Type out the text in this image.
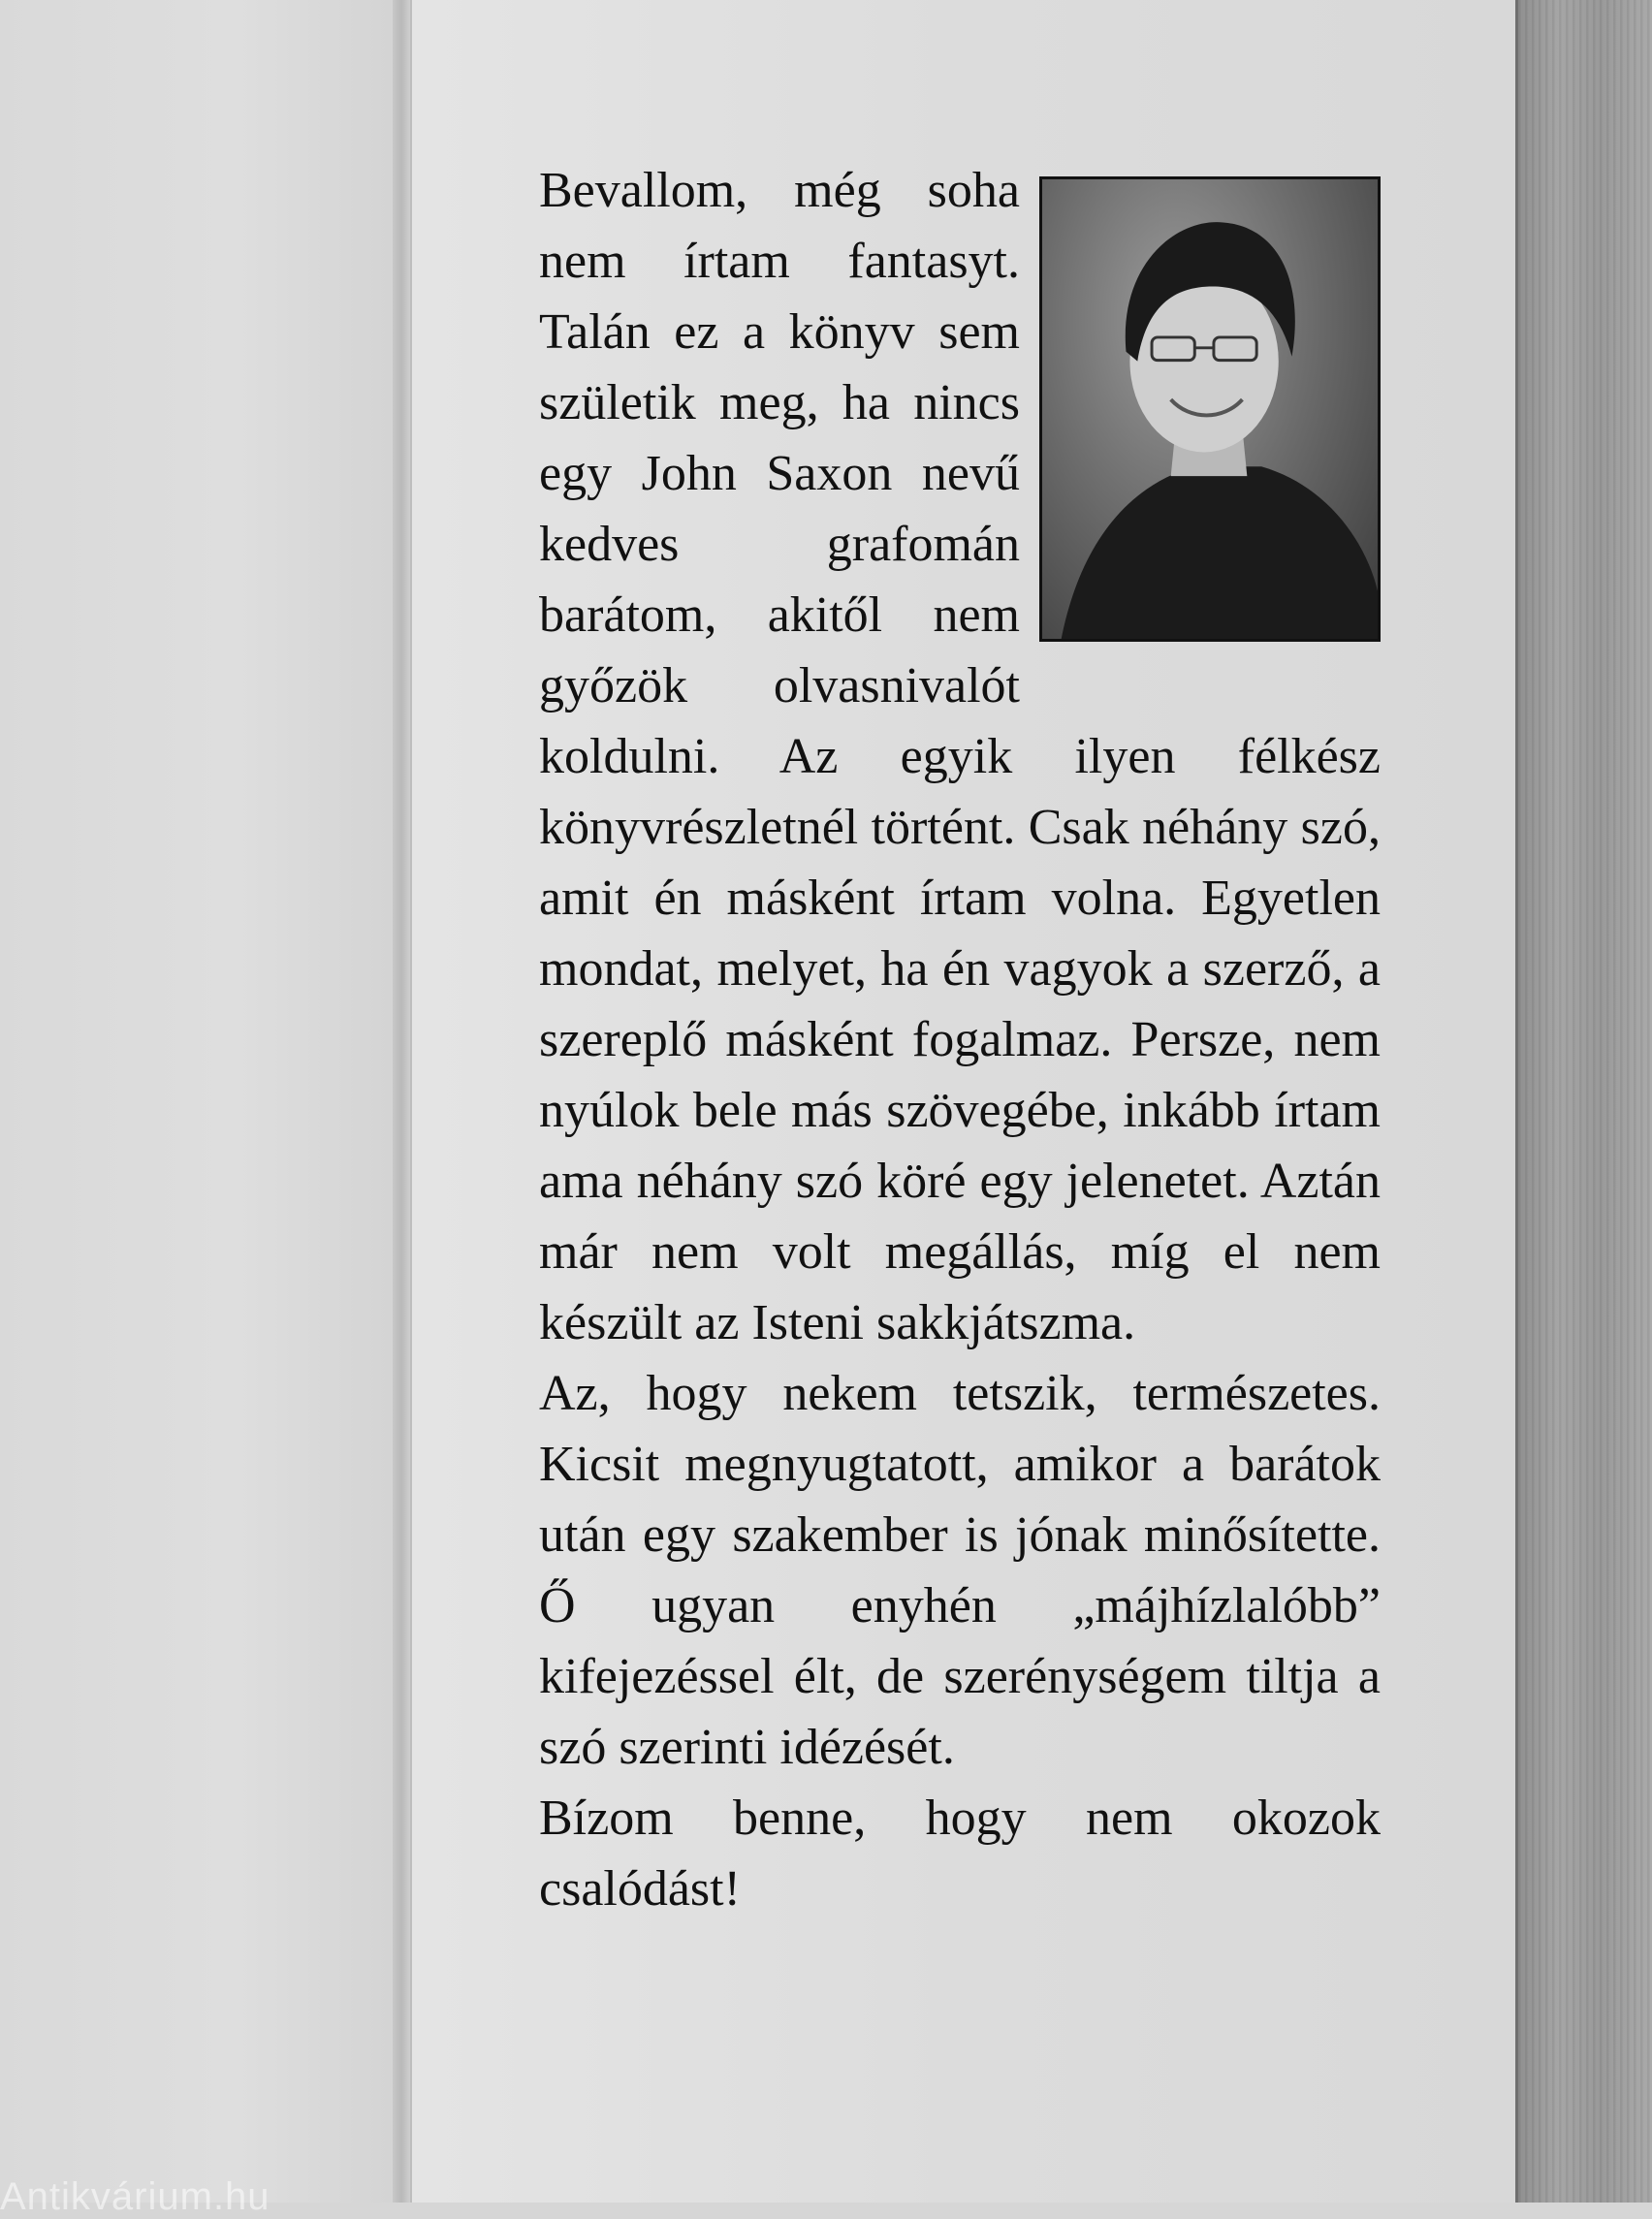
Bevallom, még soha nem írtam fantasyt. Talán ez a könyv sem születik meg, ha nincs egy John Saxon nevű kedves grafomán barátom, akitől nem győzök olvasnivalót koldulni. Az egyik ilyen félkész könyvrészletnél történt. Csak néhány szó, amit én másként írtam volna. Egyetlen mondat, melyet, ha én vagyok a szerző, a szereplő másként fogalmaz. Persze, nem nyúlok bele más szövegébe, inkább írtam ama néhány szó köré egy jelenetet. Aztán már nem volt megállás, míg el nem készült az Isteni sakkjátszma.

Az, hogy nekem tetszik, természetes. Kicsit megnyugtatott, amikor a barátok után egy szakember is jónak minősítette. Ő ugyan enyhén „májhízlalóbb” kifejezéssel élt, de szerénységem tiltja a szó szerinti idézését.

Bízom benne, hogy nem okozok csalódást!

Antikvárium.hu
